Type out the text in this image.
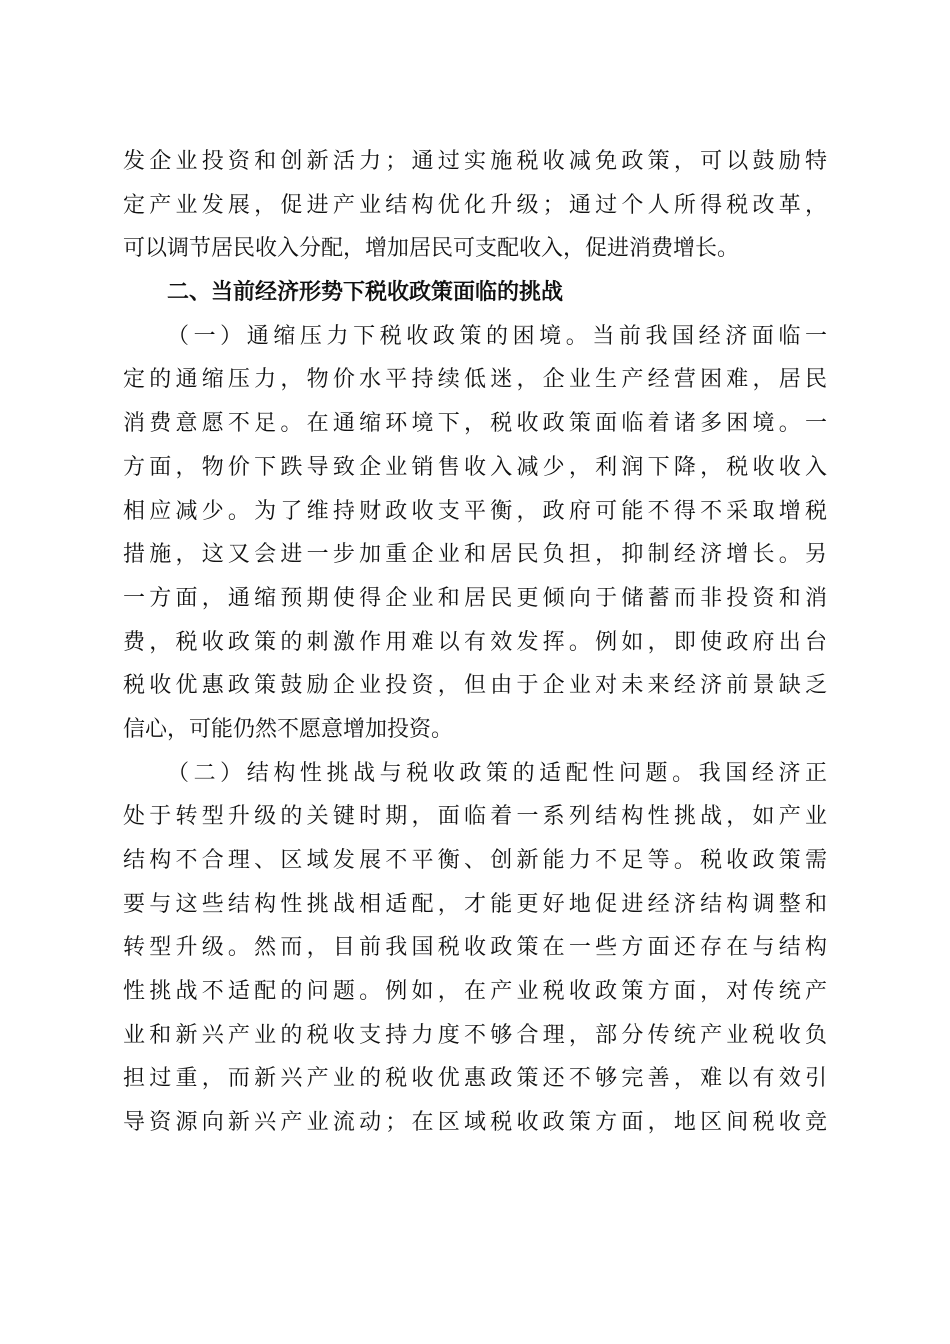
发企业投资和创新活力；通过实施税收减免政策，可以鼓励特
定产业发展，促进产业结构优化升级；通过个人所得税改革，
可以调节居民收入分配，增加居民可支配收入，促进消费增长。
二、当前经济形势下税收政策面临的挑战
（一）通缩压力下税收政策的困境。当前我国经济面临一
定的通缩压力，物价水平持续低迷，企业生产经营困难，居民
消费意愿不足。在通缩环境下，税收政策面临着诸多困境。一
方面，物价下跌导致企业销售收入减少，利润下降，税收收入
相应减少。为了维持财政收支平衡，政府可能不得不采取增税
措施，这又会进一步加重企业和居民负担，抑制经济增长。另
一方面，通缩预期使得企业和居民更倾向于储蓄而非投资和消
费，税收政策的刺激作用难以有效发挥。例如，即使政府出台
税收优惠政策鼓励企业投资，但由于企业对未来经济前景缺乏
信心，可能仍然不愿意增加投资。
（二）结构性挑战与税收政策的适配性问题。我国经济正
处于转型升级的关键时期，面临着一系列结构性挑战，如产业
结构不合理、区域发展不平衡、创新能力不足等。税收政策需
要与这些结构性挑战相适配，才能更好地促进经济结构调整和
转型升级。然而，目前我国税收政策在一些方面还存在与结构
性挑战不适配的问题。例如，在产业税收政策方面，对传统产
业和新兴产业的税收支持力度不够合理，部分传统产业税收负
担过重，而新兴产业的税收优惠政策还不够完善，难以有效引
导资源向新兴产业流动；在区域税收政策方面，地区间税收竞
